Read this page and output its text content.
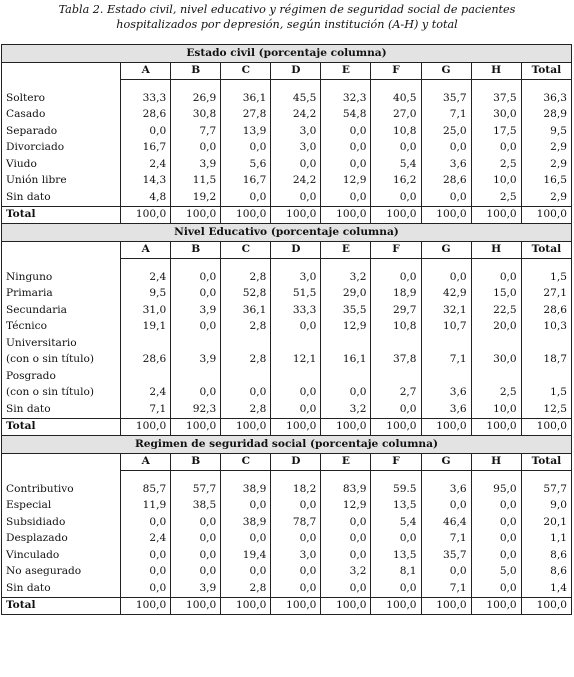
Tabla 2. Estado civil, nivel educativo y régimen de seguridad social de pacientes
hospitalizados por depresión, según institución (A-H) y total
Estado civil (porcentaje columna)									
	A	B	C	D	E	F	G	H	Total

Soltero	33,3	26,9	36,1	45,5	32,3	40,5	35,7	37,5	36,3
Casado	28,6	30,8	27,8	24,2	54,8	27,0	7,1	30,0	28,9
Separado	0,0	7,7	13,9	3,0	0,0	10,8	25,0	17,5	9,5
Divorciado	16,7	0,0	0,0	3,0	0,0	0,0	0,0	0,0	2,9
Viudo	2,4	3,9	5,6	0,0	0,0	5,4	3,6	2,5	2,9
Unión libre	14,3	11,5	16,7	24,2	12,9	16,2	28,6	10,0	16,5
Sin dato	4,8	19,2	0,0	0,0	0,0	0,0	0,0	2,5	2,9
Total	100,0	100,0	100,0	100,0	100,0	100,0	100,0	100,0	100,0
Nivel Educativo (porcentaje columna)									
	A	B	C	D	E	F	G	H	Total

Ninguno	2,4	0,0	2,8	3,0	3,2	0,0	0,0	0,0	1,5
Primaria	9,5	0,0	52,8	51,5	29,0	18,9	42,9	15,0	27,1
Secundaria	31,0	3,9	36,1	33,3	35,5	29,7	32,1	22,5	28,6
Técnico	19,1	0,0	2,8	0,0	12,9	10,8	10,7	20,0	10,3
Universitario									
(con o sin título)	28,6	3,9	2,8	12,1	16,1	37,8	7,1	30,0	18,7
Posgrado									
(con o sin título)	2,4	0,0	0,0	0,0	0,0	2,7	3,6	2,5	1,5
Sin dato	7,1	92,3	2,8	0,0	3,2	0,0	3,6	10,0	12,5
Total	100,0	100,0	100,0	100,0	100,0	100,0	100,0	100,0	100,0
Regimen de seguridad social (porcentaje columna)									
	A	B	C	D	E	F	G	H	Total

Contributivo	85,7	57,7	38,9	18,2	83,9	59.5	3,6	95,0	57,7
Especial	11,9	38,5	0,0	0,0	12,9	13,5	0,0	0,0	9,0
Subsidiado	0,0	0,0	38,9	78,7	0,0	5,4	46,4	0,0	20,1
Desplazado	2,4	0,0	0,0	0,0	0,0	0,0	7,1	0,0	1,1
Vinculado	0,0	0,0	19,4	3,0	0,0	13,5	35,7	0,0	8,6
No asegurado	0,0	0,0	0,0	0,0	3,2	8,1	0,0	5,0	8,6
Sin dato	0,0	3,9	2,8	0,0	0,0	0,0	7,1	0,0	1,4
Total	100,0	100,0	100,0	100,0	100,0	100,0	100,0	100,0	100,0
